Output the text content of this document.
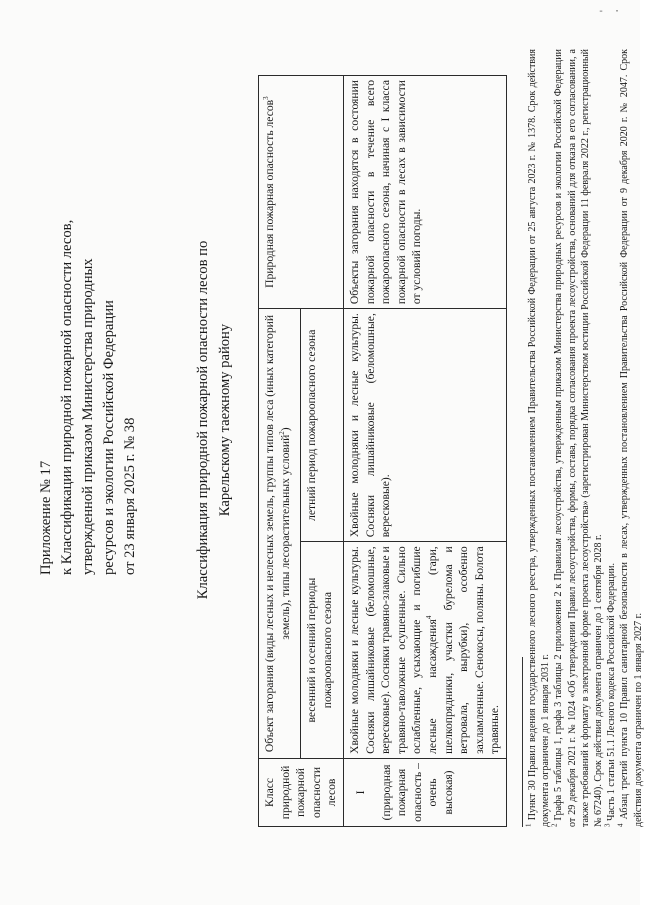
- ·
Приложение № 17 к Классификации природной пожарной опасности лесов, утвержденной приказом Министерства природных ресурсов и экологии Российской Федерации от 23 января 2025 г. № 38	Классификация природной пожарной опасности лесов по Карельскому таежному району
Класс природной пожарной опасности лесов	Объект загорания (виды лесных и нелесных земель, группы типов леса (иных категорий земель), типы лесорастительных условий$^2$)		Природная пожарная опасность лесов$^3$
	весенний и осенний периоды пожароопасного сезона	летний период пожароопасного сезона	

I (природная пожарная опасность – очень высокая)	Хвойные молодняки и лесные культуры. Сосняки лишайниковые (беломошные, вересковые). Сосняки травяно-злаковые и травяно-таволжные осушенные. Сильно ослабленные, усыхающие и погибшие лесные насаждения$^4$ (гари, шелкопрядники, участки бурелома и ветровала, вырубки), особенно захламленные. Сенокосы, поляны. Болота травяные.	Хвойные молодняки и лесные культуры. Сосняки лишайниковые (беломошные, вересковые).	Объекты загорания находятся в состоянии пожарной опасности в течение всего пожароопасного сезона, начиная с I класса пожарной опасности в лесах в зависимости от условий погоды.

$^1$ Пункт 30 Правил ведения государственного лесного реестра, утвержденных постановлением Правительства Российской Федерации от 25 августа 2023 г. № 1378. Срок действия документа ограничен до 1 января 2031 г. $^2$ Графа 5 таблицы 1, графа 3 таблицы 2 приложения 2 к Правилам лесоустройства, утвержденным приказом Министерства природных ресурсов и экологии Российской Федерации от 29 декабря 2021 г. № 1024 «Об утверждении Правил лесоустройства, формы, состава, порядка согласования проекта лесоустройства, оснований для отказа в его согласовании, а также требований к формату в электронной форме проекта лесоустройства» (зарегистрирован Министерством юстиции Российской Федерации 11 февраля 2022 г., регистрационный № 67240). Срок действия документа ограничен до 1 сентября 2028 г. $^3$ Часть 1 статьи 51.1 Лесного кодекса Российской Федерации.

$^4$ Абзац третий пункта 10 Правил санитарной безопасности в лесах, утвержденных постановлением Правительства Российской Федерации от 9 декабря 2020 г. № 2047. Срок действия документа ограничен по 1 января 2027 г.
